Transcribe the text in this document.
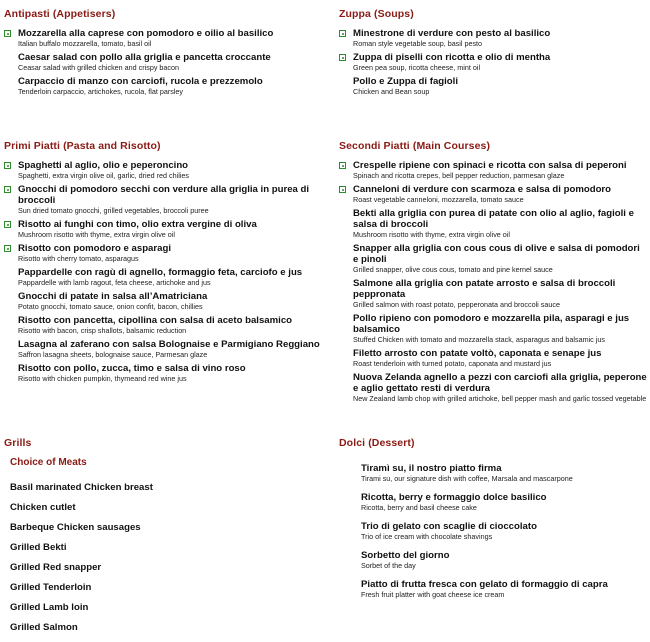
Antipasti (Appetisers)
Mozzarella alla caprese con pomodoro e oilio al basilico
Italian buffalo mozzarella, tomato, basil oil
Caesar salad con pollo alla griglia e pancetta croccante
Ceasar salad with grilled chicken and crispy bacon
Carpaccio di manzo con carciofi, rucola e prezzemolo
Tenderloin carpaccio, artichokes, rucola, flat parsley
Zuppa (Soups)
Minestrone di verdure con pesto al basilico
Roman style vegetable soup, basil pesto
Zuppa di piselli con ricotta e olio di mentha
Green pea soup, ricotta cheese, mint oil
Pollo e Zuppa di fagioli
Chicken and Bean soup
Primi Piatti (Pasta and Risotto)
Spaghetti al aglio, olio e peperoncino
Spaghetti, extra virgin olive oil, garlic, dried red chilies
Gnocchi di pomodoro secchi con verdure alla griglia in purea di broccoli
Sun dried tomato gnocchi, grilled vegetables, broccoli puree
Risotto ai funghi con timo, olio extra vergine di oliva
Mushroom risotto with thyme, extra virgin olive oil
Risotto con pomodoro e asparagi
Risotto with cherry tomato, asparagus
Pappardelle con ragù di agnello, formaggio feta, carciofo e jus
Pappardelle with lamb ragout, feta cheese, artichoke and jus
Gnocchi di patate in salsa all’Amatriciana
Potato gnocchi, tomato sauce, onion confit, bacon, chillies
Risotto con pancetta, cipollina con salsa di aceto balsamico
Risotto with bacon, crisp shallots, balsamic reduction
Lasagna al zaferano con salsa Bolognaise e Parmigiano Reggiano
Saffron lasagna sheets, bolognaise sauce, Parmesan glaze
Risotto con pollo, zucca, timo e salsa di vino roso
Risotto with chicken pumpkin, thymeand red wine jus
Secondi Piatti (Main Courses)
Crespelle ripiene con spinaci e ricotta con salsa di peperoni
Spinach and ricotta crepes, bell pepper reduction, parmesan glaze
Canneloni di verdure con scarmoza e salsa di pomodoro
Roast vegetable canneloni, mozzarella, tomato sauce
Bekti alla griglia con purea di patate con olio al aglio, fagioli e salsa di broccoli
Mushroom risotto with thyme, extra virgin olive oil
Snapper alla griglia con cous cous di olive e salsa di pomodori e pinoli
Grilled snapper, olive cous cous, tomato and pine kernel sauce
Salmone alla griglia con patate arrosto e salsa di broccoli peppronata
Grilled salmon with roast potato, pepperonata and broccoli sauce
Pollo ripieno con pomodoro e mozzarella pila, asparagi e jus balsamico
Stuffed Chicken with tomato and mozzarella stack, asparagus and balsamic jus
Filetto arrosto con patate voltò, caponata e senape jus
Roast tenderloin with turned potato, caponata and mustard jus
Nuova Zelanda agnello a pezzi con carciofi alla griglia, peperone e aglio gettato resti di verdura
New Zealand lamb chop with grilled artichoke, bell pepper mash and garlic tossed vegetable
Grills
Choice of Meats
Basil marinated Chicken breast
Chicken cutlet
Barbeque Chicken sausages
Grilled Bekti
Grilled Red snapper
Grilled Tenderloin
Grilled Lamb loin
Grilled Salmon
Dolci (Dessert)
Tiramì su, il nostro piatto firma
Tirami su, our signature dish with coffee, Marsala and mascarpone
Ricotta, berry e formaggio dolce basilico
Ricotta, berry and basil cheese cake
Trio di gelato con scaglie di cioccolato
Trio of ice cream with chocolate shavings
Sorbetto del giorno
Sorbet of the day
Piatto di frutta fresca con gelato di formaggio di capra
Fresh fruit platter with goat cheese ice cream
